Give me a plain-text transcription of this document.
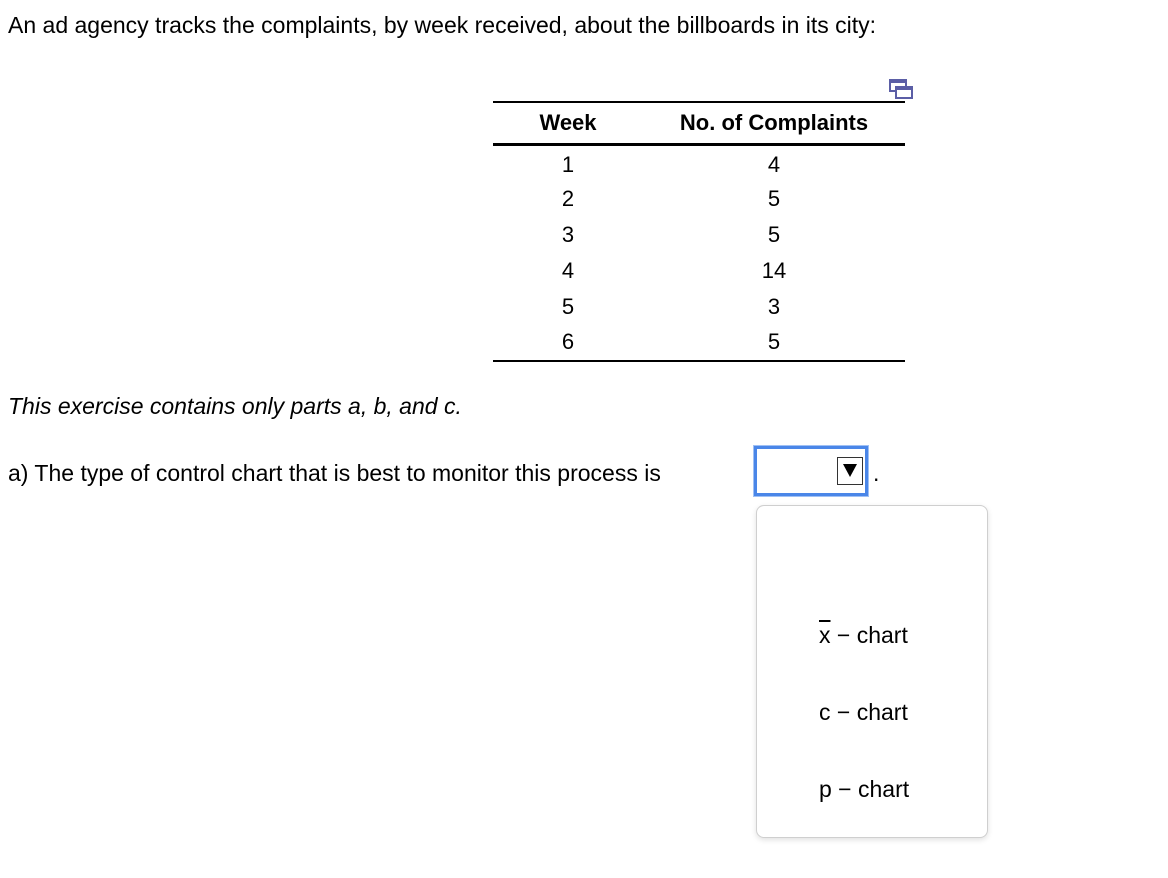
An ad agency tracks the complaints, by week received, about the billboards in its city:
Week	No. of Complaints
1	4
2	5
3	5
4	14
5	3
6	5
This exercise contains only parts a, b, and c.
a) The type of control chart that is best to monitor this process is	.
$\overline{x}$ − chart
c − chart
p − chart
